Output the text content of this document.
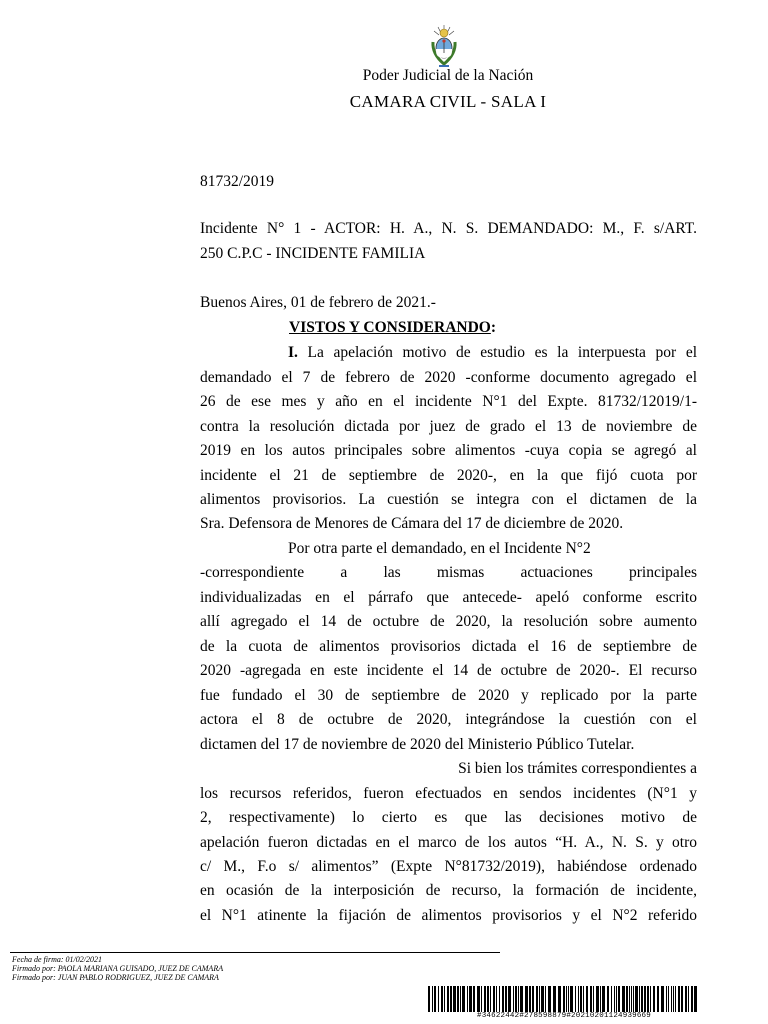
Poder Judicial de la Nación
CAMARA CIVIL - SALA I
81732/2019
Incidente N° 1 - ACTOR: H. A., N. S. DEMANDADO: M., F. s/ART.
250 C.P.C - INCIDENTE FAMILIA
Buenos Aires, 01 de febrero de 2021.-
VISTOS Y CONSIDERANDO:
I. La apelación motivo de estudio es la interpuesta por el
demandado el 7 de febrero de 2020 -conforme documento agregado el
26 de ese mes y año en el incidente N°1 del Expte. 81732/12019/1-
contra la resolución dictada por juez de grado el 13 de noviembre de
2019 en los autos principales sobre alimentos -cuya copia se agregó al
incidente el 21 de septiembre de 2020-, en la que fijó cuota por
alimentos provisorios. La cuestión se integra con el dictamen de la
Sra. Defensora de Menores de Cámara del 17 de diciembre de 2020.
Por otra parte el demandado, en el Incidente N°2
-correspondiente a las mismas actuaciones principales
individualizadas en el párrafo que antecede- apeló conforme escrito
allí agregado el 14 de octubre de 2020, la resolución sobre aumento
de la cuota de alimentos provisorios dictada el 16 de septiembre de
2020 -agregada en este incidente el 14 de octubre de 2020-. El recurso
fue fundado el 30 de septiembre de 2020 y replicado por la parte
actora el 8 de octubre de 2020, integrándose la cuestión con el
dictamen del 17 de noviembre de 2020 del Ministerio Público Tutelar.
Si bien los trámites correspondientes a
los recursos referidos, fueron efectuados en sendos incidentes (N°1 y
2, respectivamente) lo cierto es que las decisiones motivo de
apelación fueron dictadas en el marco de los autos “H. A., N. S. y otro
c/ M., F.o s/ alimentos” (Expte N°81732/2019), habiéndose ordenado
en ocasión de la interposición de recurso, la formación de incidente,
el N°1 atinente la fijación de alimentos provisorios y el N°2 referido
Fecha de firma: 01/02/2021
Firmado por: PAOLA MARIANA GUISADO, JUEZ DE CAMARA
Firmado por: JUAN PABLO RODRIGUEZ, JUEZ DE CAMARA
#34622442#278598879#20210201124939669
